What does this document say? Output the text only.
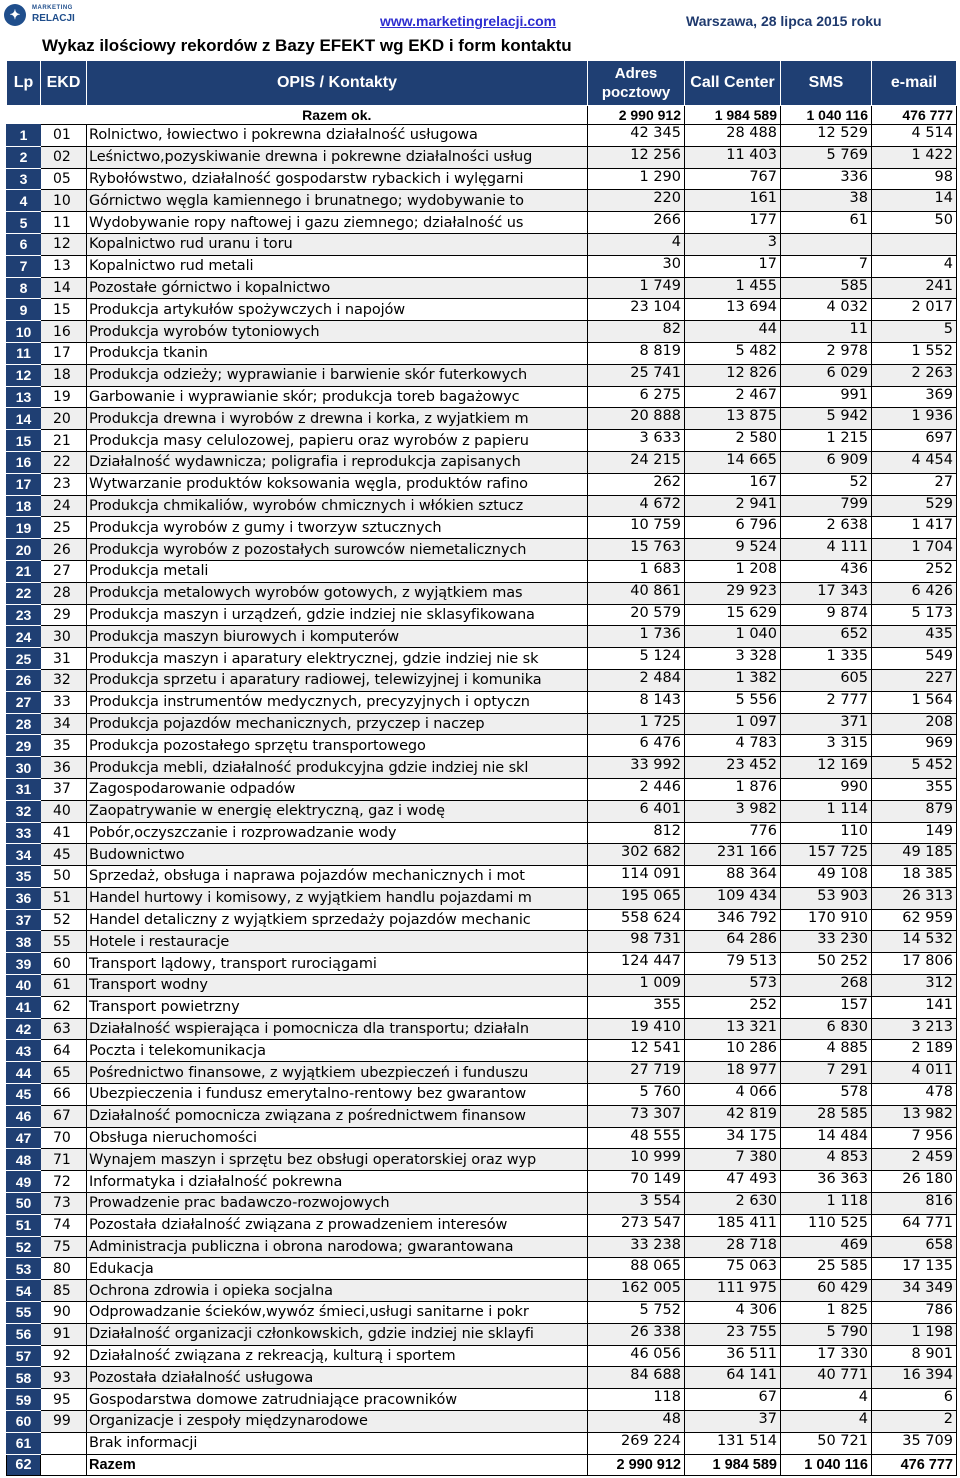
✦	MARKETING
RELACJI	www.marketingrelacji.com	Warszawa, 28 lipca 2015 roku
Wykaz ilościowy rekordów z Bazy EFEKT wg EKD i form kontaktu
Lp	EKD	OPIS / Kontakty	Adres
pocztowy	Call Center	SMS	e-mail
		Razem ok.	2 990 912	1 984 589	1 040 116	476 777
1	01	Rolnictwo, łowiectwo i pokrewna działalność usługowa	42 345	28 488	12 529	4 514
2	02	Leśnictwo,pozyskiwanie drewna i pokrewne działalności usług	12 256	11 403	5 769	1 422
3	05	Rybołówstwo, działalność gospodarstw rybackich i wylęgarni	1 290	767	336	98
4	10	Górnictwo węgla kamiennego i brunatnego; wydobywanie to	220	161	38	14
5	11	Wydobywanie ropy naftowej i gazu ziemnego; działalność us	266	177	61	50
6	12	Kopalnictwo rud uranu i toru	4	3		
7	13	Kopalnictwo rud metali	30	17	7	4
8	14	Pozostałe górnictwo i kopalnictwo	1 749	1 455	585	241
9	15	Produkcja artykułów spożywczych i napojów	23 104	13 694	4 032	2 017
10	16	Produkcja wyrobów tytoniowych	82	44	11	5
11	17	Produkcja tkanin	8 819	5 482	2 978	1 552
12	18	Produkcja odzieży; wyprawianie i barwienie skór futerkowych	25 741	12 826	6 029	2 263
13	19	Garbowanie i wyprawianie skór; produkcja toreb bagażowyc	6 275	2 467	991	369
14	20	Produkcja drewna i wyrobów z drewna i korka, z wyjatkiem m	20 888	13 875	5 942	1 936
15	21	Produkcja masy celulozowej, papieru oraz wyrobów z papieru	3 633	2 580	1 215	697
16	22	Działalność wydawnicza; poligrafia i reprodukcja zapisanych	24 215	14 665	6 909	4 454
17	23	Wytwarzanie produktów koksowania węgla, produktów rafino	262	167	52	27
18	24	Produkcja chmikaliów, wyrobów chmicznych i włókien sztucz	4 672	2 941	799	529
19	25	Produkcja wyrobów z gumy i tworzyw sztucznych	10 759	6 796	2 638	1 417
20	26	Produkcja wyrobów z pozostałych surowców niemetalicznych	15 763	9 524	4 111	1 704
21	27	Produkcja metali	1 683	1 208	436	252
22	28	Produkcja metalowych wyrobów gotowych, z wyjątkiem mas	40 861	29 923	17 343	6 426
23	29	Produkcja maszyn i urządzeń, gdzie indziej nie sklasyfikowana	20 579	15 629	9 874	5 173
24	30	Produkcja maszyn biurowych i komputerów	1 736	1 040	652	435
25	31	Produkcja maszyn i aparatury elektrycznej, gdzie indziej nie sk	5 124	3 328	1 335	549
26	32	Produkcja sprzetu i aparatury radiowej, telewizyjnej i komunika	2 484	1 382	605	227
27	33	Produkcja instrumentów medycznych, precyzyjnych i optyczn	8 143	5 556	2 777	1 564
28	34	Produkcja pojazdów mechanicznych, przyczep i naczep	1 725	1 097	371	208
29	35	Produkcja pozostałego sprzętu transportowego	6 476	4 783	3 315	969
30	36	Produkcja mebli, działalność produkcyjna gdzie indziej nie skl	33 992	23 452	12 169	5 452
31	37	Zagospodarowanie odpadów	2 446	1 876	990	355
32	40	Zaopatrywanie w energię elektryczną, gaz i wodę	6 401	3 982	1 114	879
33	41	Pobór,oczyszczanie i rozprowadzanie wody	812	776	110	149
34	45	Budownictwo	302 682	231 166	157 725	49 185
35	50	Sprzedaż, obsługa i naprawa pojazdów mechanicznych i mot	114 091	88 364	49 108	18 385
36	51	Handel hurtowy i komisowy, z wyjątkiem handlu pojazdami m	195 065	109 434	53 903	26 313
37	52	Handel detaliczny z wyjątkiem sprzedaży pojazdów mechanic	558 624	346 792	170 910	62 959
38	55	Hotele i restauracje	98 731	64 286	33 230	14 532
39	60	Transport lądowy, transport rurociągami	124 447	79 513	50 252	17 806
40	61	Transport wodny	1 009	573	268	312
41	62	Transport powietrzny	355	252	157	141
42	63	Działalność wspierająca i pomocnicza dla transportu; działaln	19 410	13 321	6 830	3 213
43	64	Poczta i telekomunikacja	12 541	10 286	4 885	2 189
44	65	Pośrednictwo finansowe, z wyjątkiem ubezpieczeń i funduszu	27 719	18 977	7 291	4 011
45	66	Ubezpieczenia i fundusz emerytalno-rentowy bez gwarantow	5 760	4 066	578	478
46	67	Działalność pomocnicza związana z pośrednictwem finansow	73 307	42 819	28 585	13 982
47	70	Obsługa nieruchomości	48 555	34 175	14 484	7 956
48	71	Wynajem maszyn i sprzętu bez obsługi operatorskiej oraz wyp	10 999	7 380	4 853	2 459
49	72	Informatyka i działalność pokrewna	70 149	47 493	36 363	26 180
50	73	Prowadzenie prac badawczo-rozwojowych	3 554	2 630	1 118	816
51	74	Pozostała działalność związana z prowadzeniem interesów	273 547	185 411	110 525	64 771
52	75	Administracja publiczna i obrona narodowa; gwarantowana	33 238	28 718	469	658
53	80	Edukacja	88 065	75 063	25 585	17 135
54	85	Ochrona zdrowia i opieka socjalna	162 005	111 975	60 429	34 349
55	90	Odprowadzanie ścieków,wywóz śmieci,usługi sanitarne i pokr	5 752	4 306	1 825	786
56	91	Działalność organizacji członkowskich, gdzie indziej nie sklayfi	26 338	23 755	5 790	1 198
57	92	Działalność związana z rekreacją, kulturą i sportem	46 056	36 511	17 330	8 901
58	93	Pozostała działalność usługowa	84 688	64 141	40 771	16 394
59	95	Gospodarstwa domowe zatrudniające pracowników	118	67	4	6
60	99	Organizacje i zespoły międzynarodowe	48	37	4	2
61		Brak informacji	269 224	131 514	50 721	35 709
62		Razem	2 990 912	1 984 589	1 040 116	476 777
